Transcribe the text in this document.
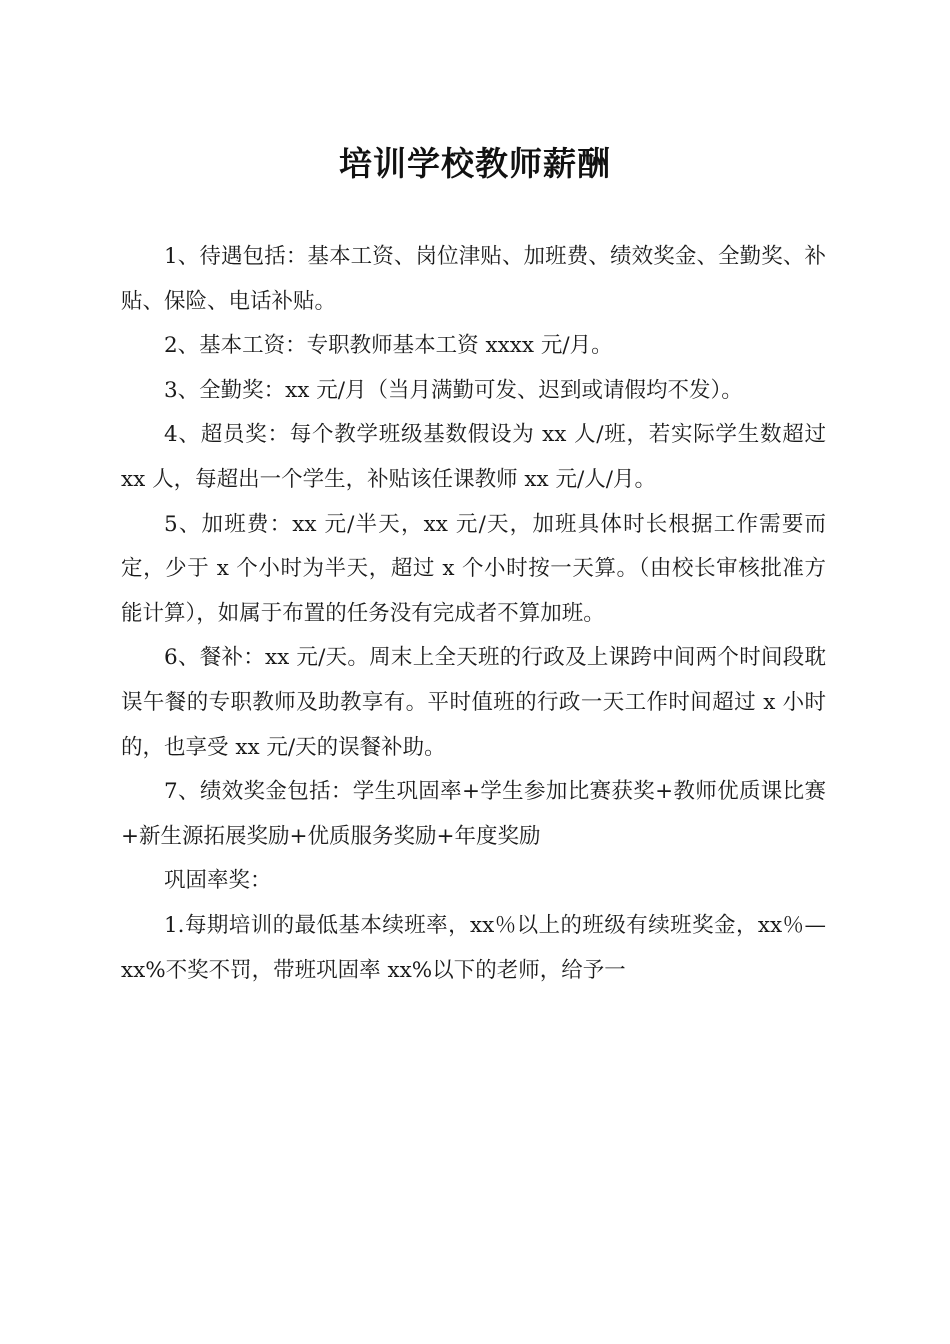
培训学校教师薪酬

1、待遇包括：基本工资、岗位津贴、加班费、绩效奖金、全勤奖、补贴、保险、电话补贴。

2、基本工资：专职教师基本工资 xxxx 元/月。

3、全勤奖：xx 元/月（当月满勤可发、迟到或请假均不发）。

4、超员奖：每个教学班级基数假设为 xx 人/班，若实际学生数超过 xx 人，每超出一个学生，补贴该任课教师 xx 元/人/月。

5、加班费：xx 元/半天，xx 元/天，加班具体时长根据工作需要而定，少于 x 个小时为半天，超过 x 个小时按一天算。（由校长审核批准方能计算），如属于布置的任务没有完成者不算加班。

6、餐补：xx 元/天。周末上全天班的行政及上课跨中间两个时间段耽误午餐的专职教师及助教享有。平时值班的行政一天工作时间超过 x 小时的，也享受 xx 元/天的误餐补助。

7、绩效奖金包括：学生巩固率+学生参加比赛获奖+教师优质课比赛+新生源拓展奖励+优质服务奖励+年度奖励

巩固率奖：

1.每期培训的最低基本续班率，xx％以上的班级有续班奖金，xx％—xx%不奖不罚，带班巩固率 xx%以下的老师，给予一
